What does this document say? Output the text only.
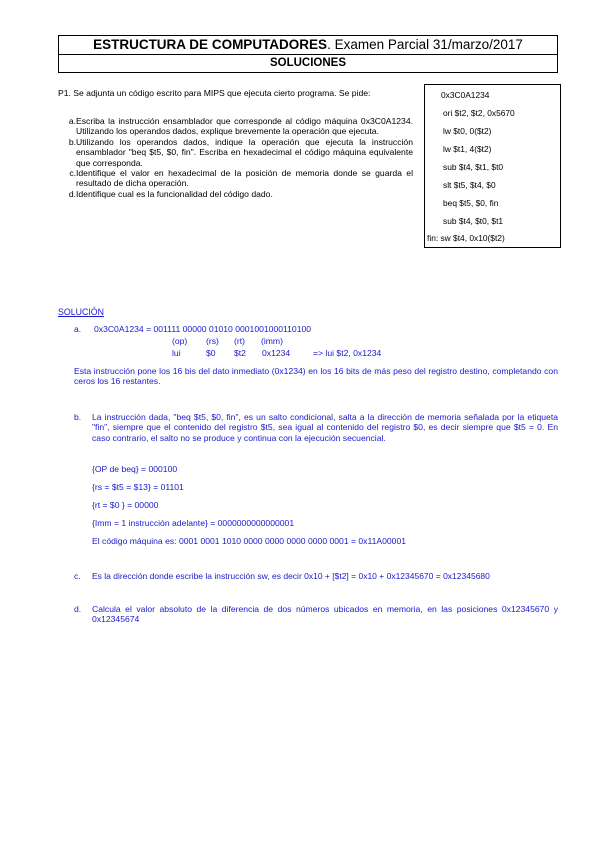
ESTRUCTURA DE COMPUTADORES. Examen Parcial 31/marzo/2017
SOLUCIONES
P1. Se adjunta un código escrito para MIPS que ejecuta cierto programa. Se pide:
a. Escriba la instrucción ensamblador que corresponde al código máquina 0x3C0A1234. Utilizando los operandos dados, explique brevemente la operación que ejecuta.
b. Utilizando los operandos dados, indique la operación que ejecuta la instrucción ensamblador "beq $t5, $0, fin". Escriba en hexadecimal el código máquina equivalente que corresponda.
c. Identifique el valor en hexadecimal de la posición de memoria donde se guarda el resultado de dicha operación.
d. Identifique cual es la funcionalidad del código dado.
0x3C0A1234
ori $t2, $t2, 0x5670
lw $t0, 0($t2)
lw $t1, 4($t2)
sub $t4, $t1, $t0
slt $t5, $t4, $0
beq $t5, $0, fin
sub $t4, $t0, $t1
fin: sw $t4, 0x10($t2)
SOLUCIÓN
a. 0x3C0A1234 = 001111 00000 01010 0001001000110100
(op) (rs) (rt) (imm)
lui	$0 $t2 0x1234	=> lui $t2, 0x1234
Esta instrucción pone los 16 bis del dato inmediato (0x1234) en los 16 bits de más peso del registro destino, completando con ceros los 16 restantes.
b. La instrucción dada, "beq $t5, $0, fin", es un salto condicional, salta a la dirección de memoria señalada por la etiqueta "fin", siempre que el contenido del registro $t5, sea igual al contenido del registro $0, es decir siempre que $t5 = 0. En caso contrario, el salto no se produce y continua con la ejecución secuencial.
{OP de beq} = 000100
{rs = $t5 = $13} = 01101
{rt = $0 } = 00000
{Imm = 1 instrucción adelante} = 0000000000000001
El código máquina es: 0001 0001 1010 0000 0000 0000 0000 0001 = 0x11A00001
c. Es la dirección donde escribe la instrucción sw, es decir 0x10 + [$t2] = 0x10 + 0x12345670 = 0x12345680
d. Calcula el valor absoluto de la diferencia de dos números ubicados en memoria, en las posiciones 0x12345670 y 0x12345674
